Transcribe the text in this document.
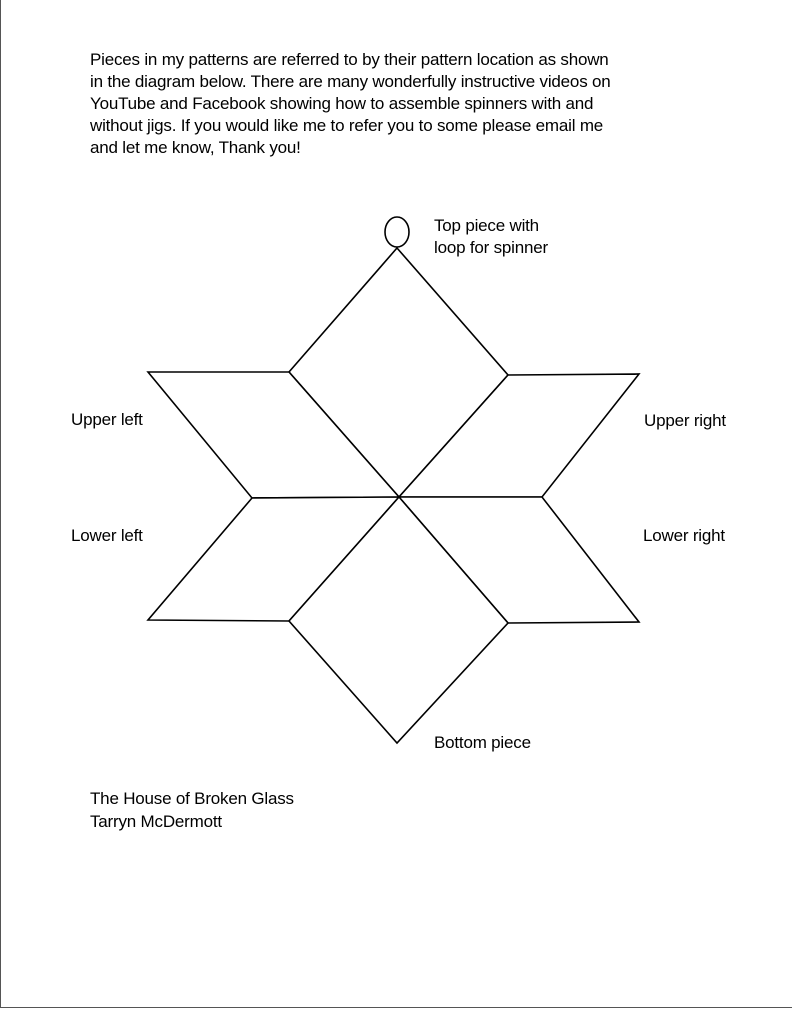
Pieces in my patterns are referred to by their pattern location as shown
in the diagram below. There are many wonderfully instructive videos on
YouTube and Facebook showing how to assemble spinners with and
without jigs. If you would like me to refer you to some please email me
and let me know, Thank you!

Top piece with
loop for spinner
Upper left	Upper right
Lower left	Lower right
Bottom piece
The House of Broken Glass
Tarryn McDermott
